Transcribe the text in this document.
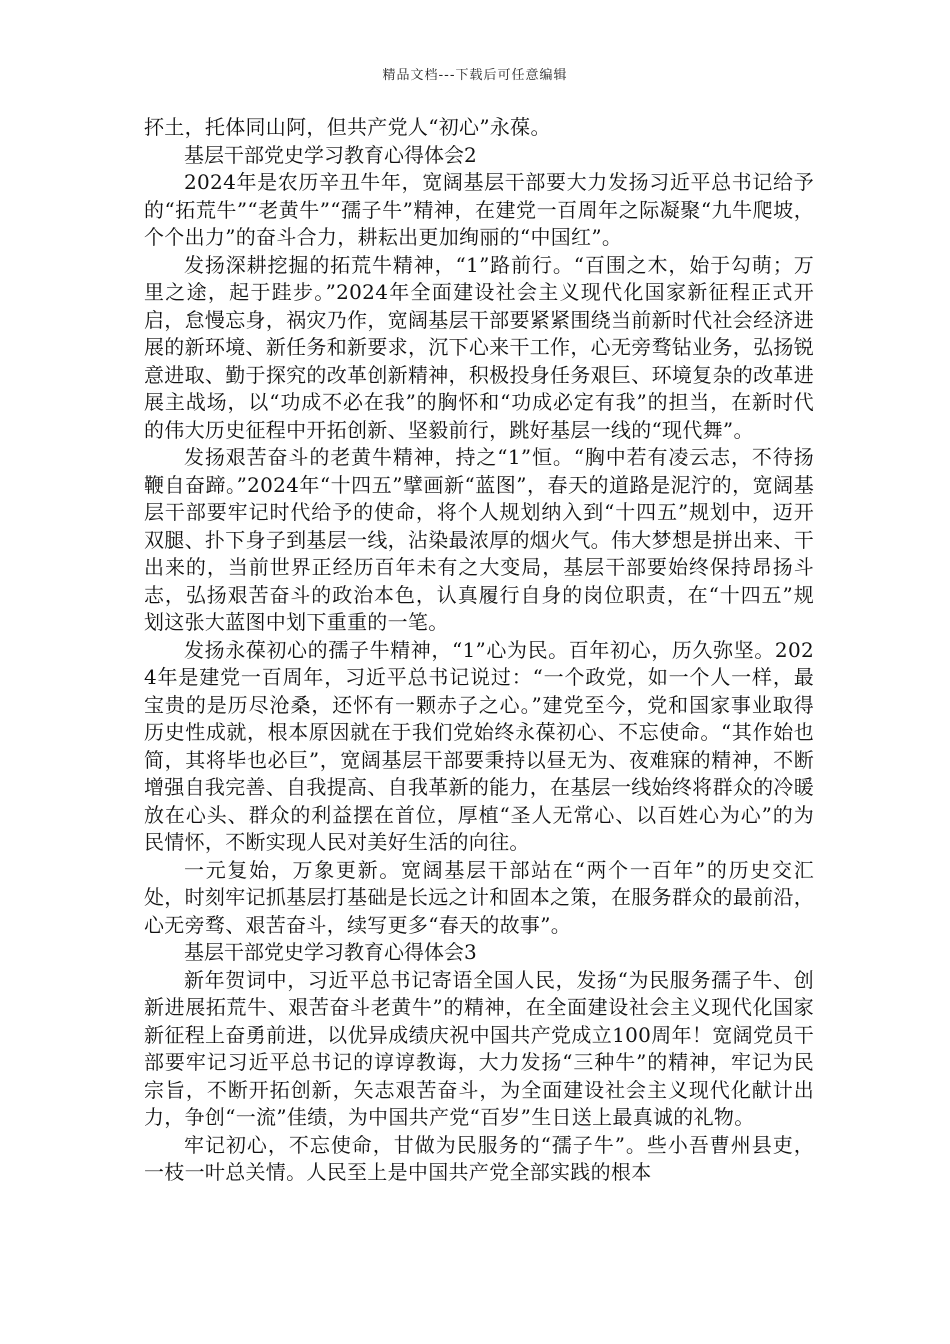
精品文档---下载后可任意编辑

抔土，托体同山阿，但共产党人“初心”永葆。

基层干部党史学习教育心得体会2

2024年是农历辛丑牛年，宽阔基层干部要大力发扬习近平总书记给予的“拓荒牛”“老黄牛”“孺子牛”精神，在建党一百周年之际凝聚“九牛爬坡，个个出力”的奋斗合力，耕耘出更加绚丽的“中国红”。

发扬深耕挖掘的拓荒牛精神，“1”路前行。“百围之木，始于勾萌；万里之途，起于跬步。”2024年全面建设社会主义现代化国家新征程正式开启，怠慢忘身，祸灾乃作，宽阔基层干部要紧紧围绕当前新时代社会经济进展的新环境、新任务和新要求，沉下心来干工作，心无旁骛钻业务，弘扬锐意进取、勤于探究的改革创新精神，积极投身任务艰巨、环境复杂的改革进展主战场，以“功成不必在我”的胸怀和“功成必定有我”的担当，在新时代的伟大历史征程中开拓创新、坚毅前行，跳好基层一线的“现代舞”。

发扬艰苦奋斗的老黄牛精神，持之“1”恒。“胸中若有凌云志，不待扬鞭自奋蹄。”2024年“十四五”擘画新“蓝图”，春天的道路是泥泞的，宽阔基层干部要牢记时代给予的使命，将个人规划纳入到“十四五”规划中，迈开双腿、扑下身子到基层一线，沾染最浓厚的烟火气。伟大梦想是拼出来、干出来的，当前世界正经历百年未有之大变局，基层干部要始终保持昂扬斗志，弘扬艰苦奋斗的政治本色，认真履行自身的岗位职责，在“十四五”规划这张大蓝图中划下重重的一笔。

发扬永葆初心的孺子牛精神，“1”心为民。百年初心，历久弥坚。2024年是建党一百周年，习近平总书记说过：“一个政党，如一个人一样，最宝贵的是历尽沧桑，还怀有一颗赤子之心。”建党至今，党和国家事业取得历史性成就，根本原因就在于我们党始终永葆初心、不忘使命。“其作始也简，其将毕也必巨”，宽阔基层干部要秉持以昼无为、夜难寐的精神，不断增强自我完善、自我提高、自我革新的能力，在基层一线始终将群众的冷暖放在心头、群众的利益摆在首位，厚植“圣人无常心、以百姓心为心”的为民情怀，不断实现人民对美好生活的向往。

一元复始，万象更新。宽阔基层干部站在“两个一百年”的历史交汇处，时刻牢记抓基层打基础是长远之计和固本之策，在服务群众的最前沿，心无旁骛、艰苦奋斗，续写更多“春天的故事”。

基层干部党史学习教育心得体会3

新年贺词中，习近平总书记寄语全国人民，发扬“为民服务孺子牛、创新进展拓荒牛、艰苦奋斗老黄牛”的精神，在全面建设社会主义现代化国家新征程上奋勇前进，以优异成绩庆祝中国共产党成立100周年！宽阔党员干部要牢记习近平总书记的谆谆教诲，大力发扬“三种牛”的精神，牢记为民宗旨，不断开拓创新，矢志艰苦奋斗，为全面建设社会主义现代化献计出力，争创“一流”佳绩，为中国共产党“百岁”生日送上最真诚的礼物。

牢记初心，不忘使命，甘做为民服务的“孺子牛”。些小吾曹州县吏，一枝一叶总关情。人民至上是中国共产党全部实践的根本
